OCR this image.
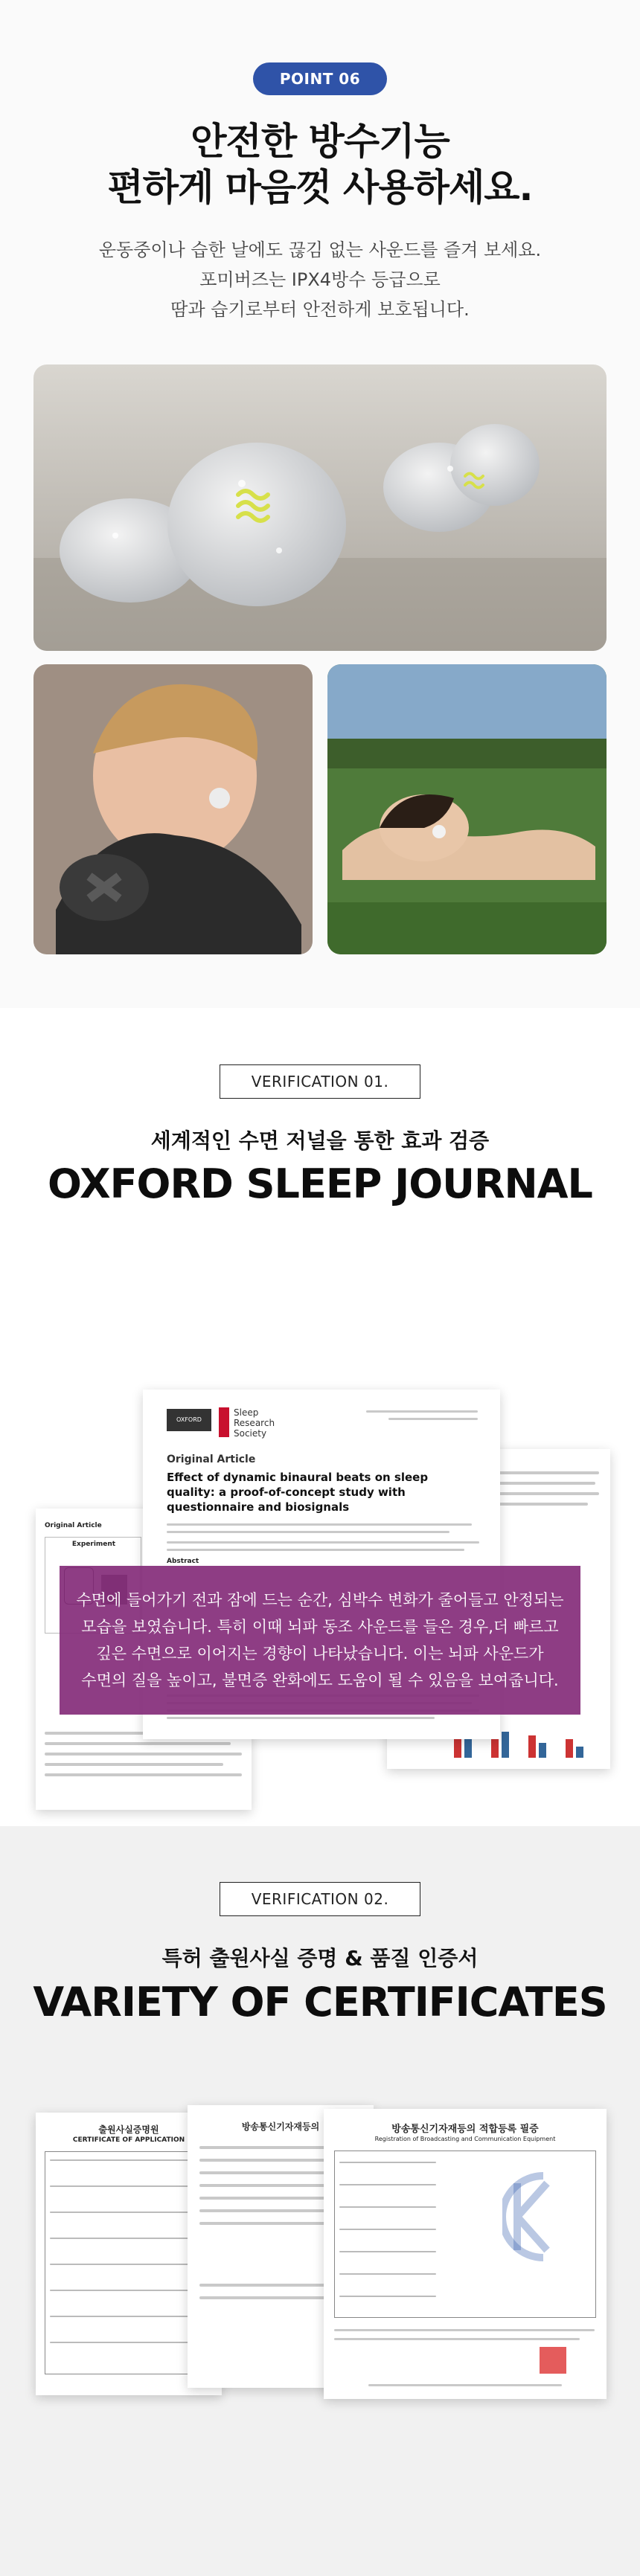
POINT 06
안전한 방수기능
편하게 마음껏 사용하세요.
운동중이나 습한 날에도 끊김 없는 사운드를 즐겨 보세요.
포미버즈는 IPX4방수 등급으로
땀과 습기로부터 안전하게 보호됩니다.
VERIFICATION 01.
세계적인 수면 저널을 통한 효과 검증
OXFORD SLEEP JOURNAL
Original Article
Experiment
OXFORD
Sleep Research Society
Original Article
Effect of dynamic binaural beats on sleep quality: a proof-of-concept study with questionnaire and biosignals
Abstract
수면에 들어가기 전과 잠에 드는 순간, 심박수 변화가 줄어들고 안정되는
모습을 보였습니다. 특히 이때 뇌파 동조 사운드를 들은 경우,더 빠르고
깊은 수면으로 이어지는 경향이 나타났습니다. 이는 뇌파 사운드가
수면의 질을 높이고, 불면증 완화에도 도움이 될 수 있음을 보여줍니다.
VERIFICATION 02.
특허 출원사실 증명 & 품질 인증서
VARIETY OF CERTIFICATES
출원사실증명원
CERTIFICATE OF APPLICATION
방송통신기자재등의	방송통신기자재등의 적합등록 필증
Registration of Broadcasting and Communication Equipment
